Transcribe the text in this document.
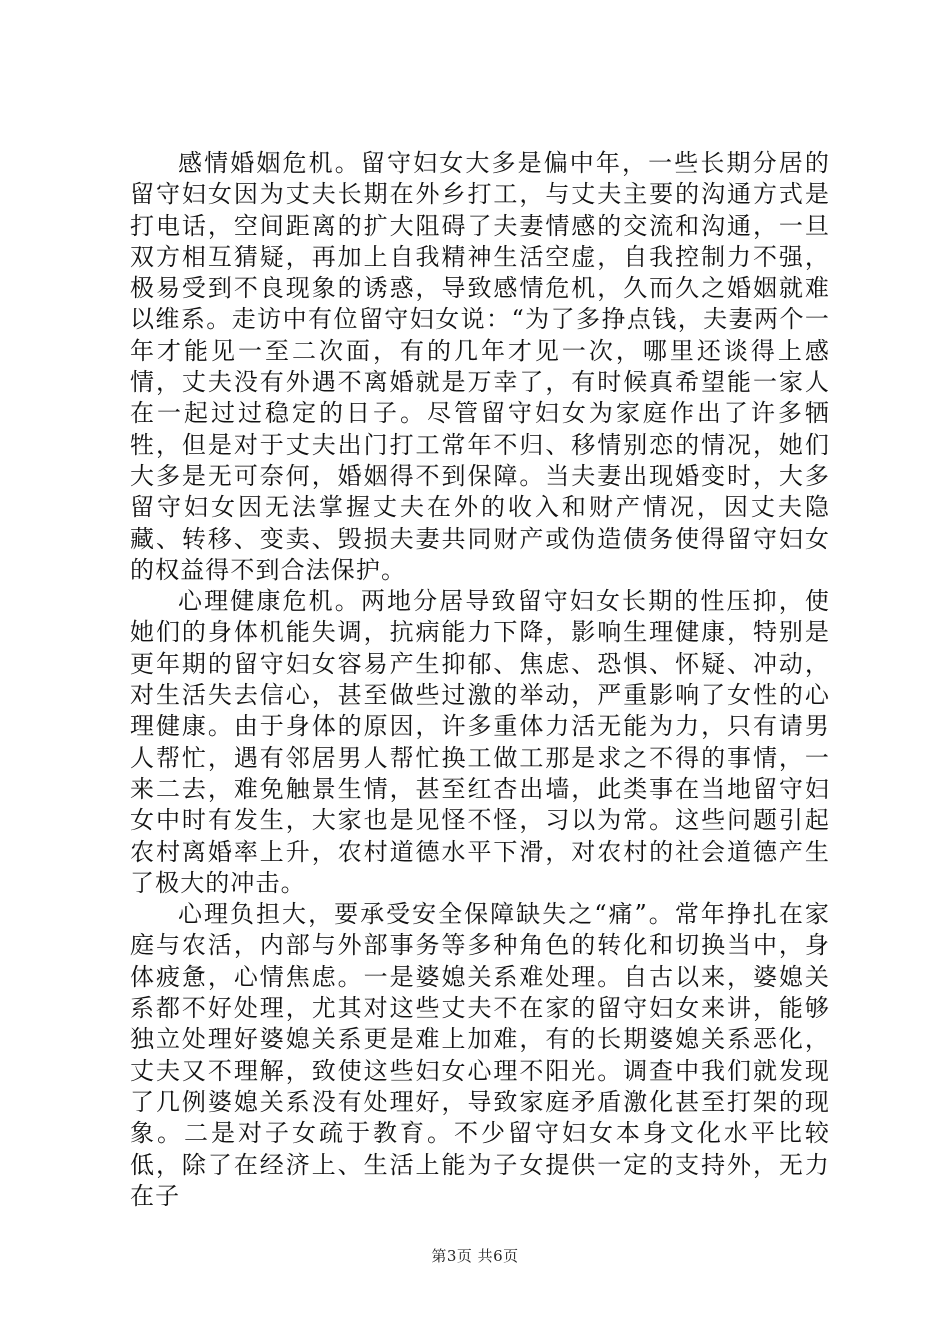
感情婚姻危机。留守妇女大多是偏中年，一些长期分居的留守妇女因为丈夫长期在外乡打工，与丈夫主要的沟通方式是打电话，空间距离的扩大阻碍了夫妻情感的交流和沟通，一旦双方相互猜疑，再加上自我精神生活空虚，自我控制力不强，极易受到不良现象的诱惑，导致感情危机，久而久之婚姻就难以维系。走访中有位留守妇女说：“为了多挣点钱，夫妻两个一年才能见一至二次面，有的几年才见一次，哪里还谈得上感情，丈夫没有外遇不离婚就是万幸了，有时候真希望能一家人在一起过过稳定的日子。尽管留守妇女为家庭作出了许多牺牲，但是对于丈夫出门打工常年不归、移情别恋的情况，她们大多是无可奈何，婚姻得不到保障。当夫妻出现婚变时，大多留守妇女因无法掌握丈夫在外的收入和财产情况，因丈夫隐藏、转移、变卖、毁损夫妻共同财产或伪造债务使得留守妇女的权益得不到合法保护。

心理健康危机。两地分居导致留守妇女长期的性压抑，使她们的身体机能失调，抗病能力下降，影响生理健康，特别是更年期的留守妇女容易产生抑郁、焦虑、恐惧、怀疑、冲动，对生活失去信心，甚至做些过激的举动，严重影响了女性的心理健康。由于身体的原因，许多重体力活无能为力，只有请男人帮忙，遇有邻居男人帮忙换工做工那是求之不得的事情，一来二去，难免触景生情，甚至红杏出墙，此类事在当地留守妇女中时有发生，大家也是见怪不怪，习以为常。这些问题引起农村离婚率上升，农村道德水平下滑，对农村的社会道德产生了极大的冲击。

心理负担大，要承受安全保障缺失之“痛”。常年挣扎在家庭与农活，内部与外部事务等多种角色的转化和切换当中，身体疲惫，心情焦虑。一是婆媳关系难处理。自古以来，婆媳关系都不好处理，尤其对这些丈夫不在家的留守妇女来讲，能够独立处理好婆媳关系更是难上加难，有的长期婆媳关系恶化，丈夫又不理解，致使这些妇女心理不阳光。调查中我们就发现了几例婆媳关系没有处理好，导致家庭矛盾激化甚至打架的现象。二是对子女疏于教育。不少留守妇女本身文化水平比较低，除了在经济上、生活上能为子女提供一定的支持外，无力在子

第3页 共6页
